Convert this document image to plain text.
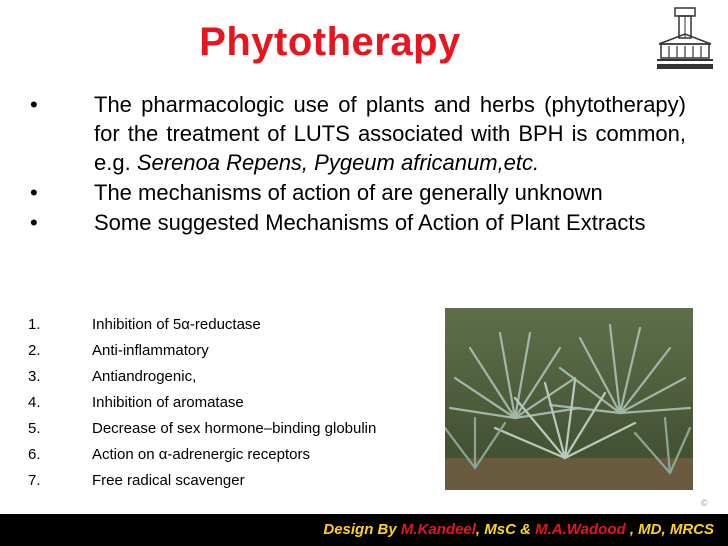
Phytotherapy
•	The pharmacologic use of plants and herbs (phytotherapy) for the treatment of LUTS associated with BPH is common, e.g. Serenoa Repens, Pygeum africanum,etc.
•	The mechanisms of action of are generally unknown
•	Some suggested Mechanisms of Action of Plant Extracts
1.	Inhibition of 5α-reductase
2.	Anti-inflammatory
3.	Antiandrogenic,
4.	Inhibition of aromatase
5.	Decrease of sex hormone–binding globulin
6.	Action on α-adrenergic receptors
7.	Free radical scavenger
©
Design By M.Kandeel, MsC & M.A.Wadood , MD, MRCS
